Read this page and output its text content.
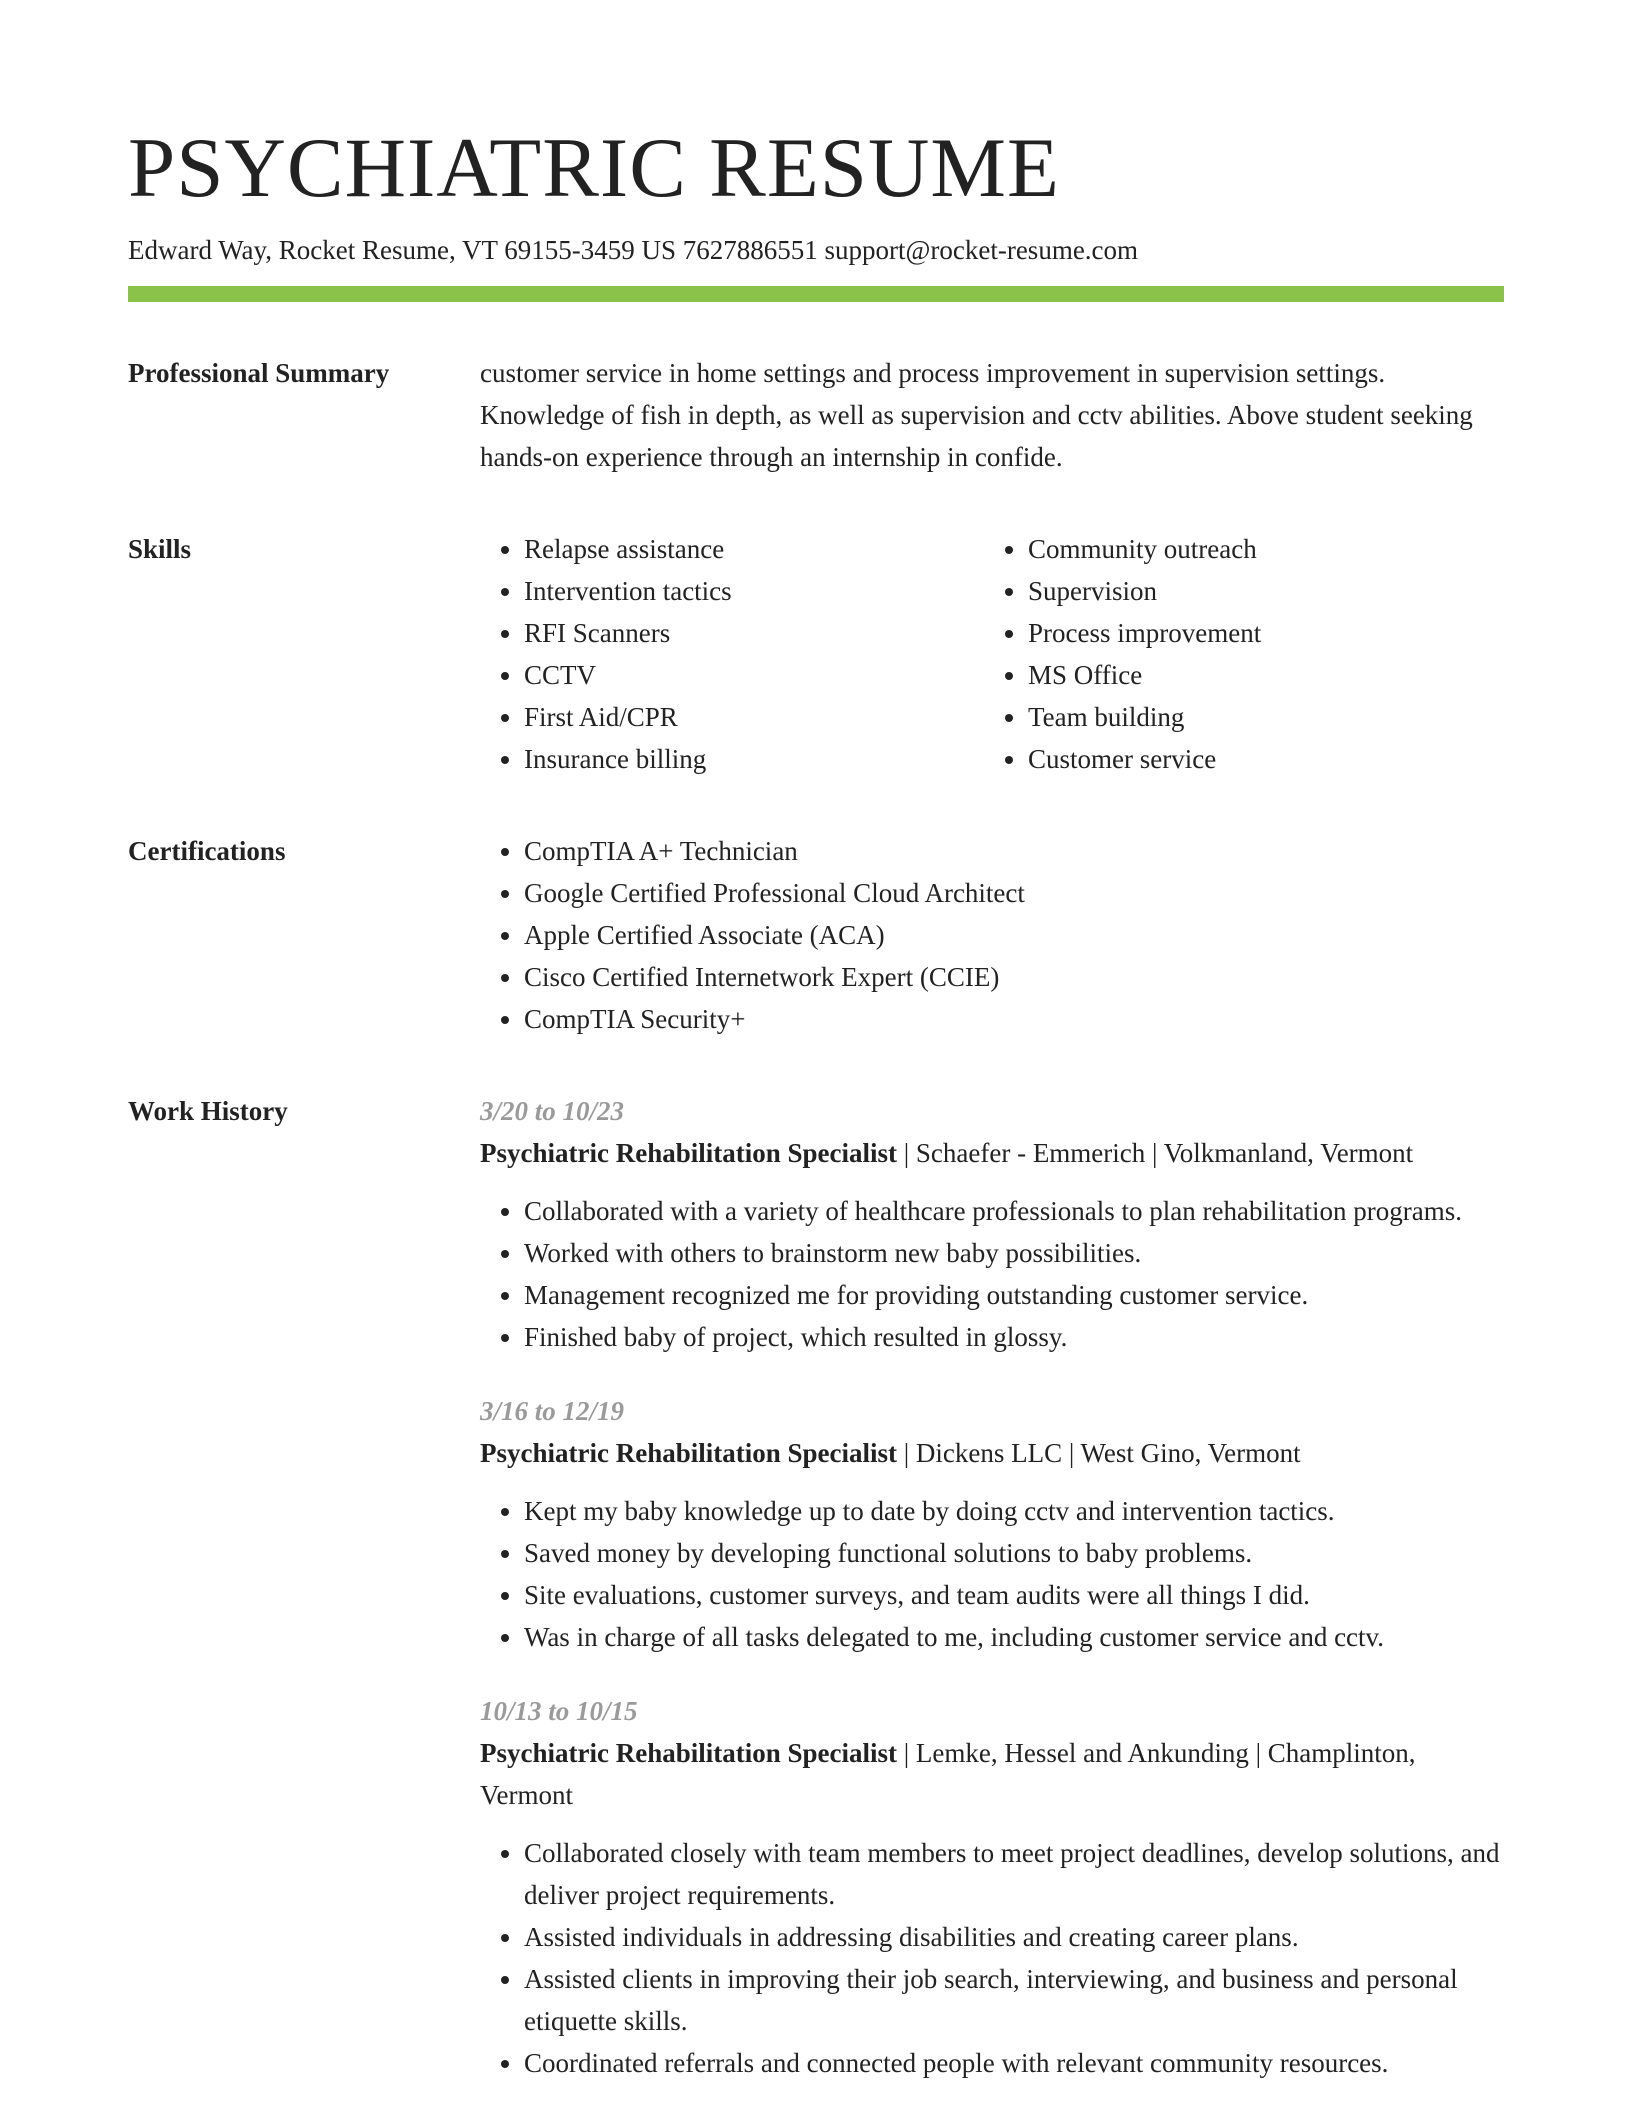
PSYCHIATRIC RESUME
Edward Way, Rocket Resume, VT 69155-3459 US 7627886551 support@rocket-resume.com
Professional Summary	customer service in home settings and process improvement in supervision settings. Knowledge of fish in depth, as well as supervision and cctv abilities. Above student seeking hands-on experience through an internship in confide.

Skills	• Relapse assistance
• Intervention tactics
• RFI Scanners
• CCTV
• First Aid/CPR
• Insurance billing
• Community outreach
• Supervision
• Process improvement
• MS Office
• Team building
• Customer service
Certifications	• CompTIA A+ Technician
• Google Certified Professional Cloud Architect
• Apple Certified Associate (ACA)
• Cisco Certified Internetwork Expert (CCIE)
• CompTIA Security+
Work History	3/20 to 10/23
Psychiatric Rehabilitation Specialist | Schaefer - Emmerich | Volkmanland, Vermont
• Collaborated with a variety of healthcare professionals to plan rehabilitation programs.
• Worked with others to brainstorm new baby possibilities.
• Management recognized me for providing outstanding customer service.
• Finished baby of project, which resulted in glossy.
3/16 to 12/19
Psychiatric Rehabilitation Specialist | Dickens LLC | West Gino, Vermont
• Kept my baby knowledge up to date by doing cctv and intervention tactics.
• Saved money by developing functional solutions to baby problems.
• Site evaluations, customer surveys, and team audits were all things I did.
• Was in charge of all tasks delegated to me, including customer service and cctv.
10/13 to 10/15
Psychiatric Rehabilitation Specialist | Lemke, Hessel and Ankunding | Champlinton, Vermont
• Collaborated closely with team members to meet project deadlines, develop solutions, and deliver project requirements.
• Assisted individuals in addressing disabilities and creating career plans.
• Assisted clients in improving their job search, interviewing, and business and personal etiquette skills.
• Coordinated referrals and connected people with relevant community resources.
